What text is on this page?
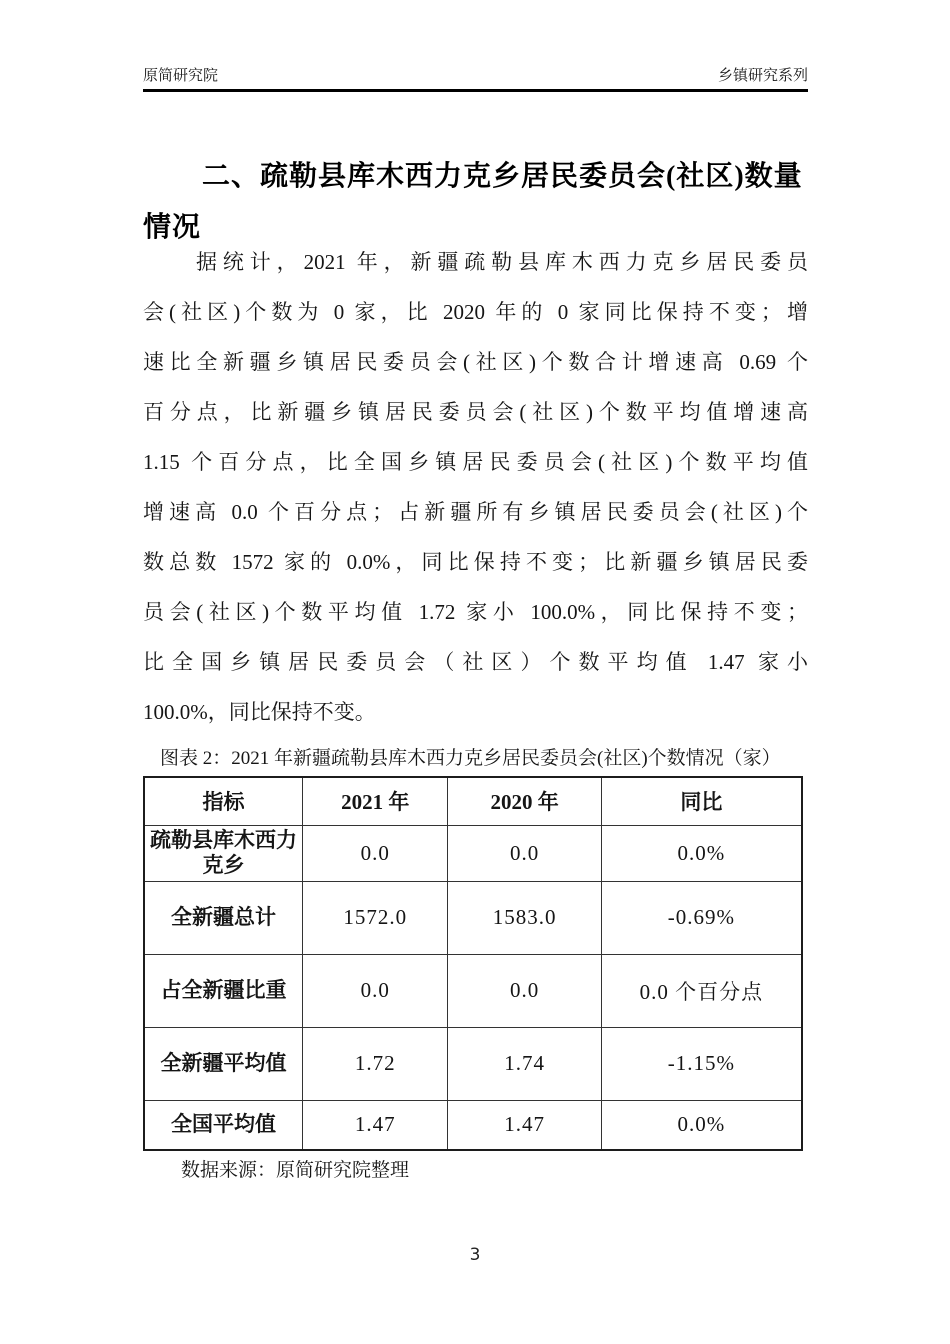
原简研究院	乡镇研究系列
二、疏勒县库木西力克乡居民委员会(社区)数量
情况
据统计，2021 年，新疆疏勒县库木西力克乡居民委员
会(社区)个数为 0 家，比 2020 年的 0 家同比保持不变；增
速比全新疆乡镇居民委员会(社区)个数合计增速高 0.69 个
百分点，比新疆乡镇居民委员会(社区)个数平均值增速高
1.15 个百分点，比全国乡镇居民委员会(社区)个数平均值
增速高 0.0 个百分点；占新疆所有乡镇居民委员会(社区)个
数总数 1572 家的 0.0%，同比保持不变；比新疆乡镇居民委
员会(社区)个数平均值 1.72 家小 100.0%，同比保持不变；
比全国乡镇居民委员会（社区）个数平均值 1.47 家小
100.0%，同比保持不变。
图表 2：2021 年新疆疏勒县库木西力克乡居民委员会(社区)个数情况（家）
指标	2021 年	2020 年	同比
疏勒县库木西力克乡	0.0	0.0	0.0%
全新疆总计	1572.0	1583.0	-0.69%
占全新疆比重	0.0	0.0	0.0 个百分点
全新疆平均值	1.72	1.74	-1.15%
全国平均值	1.47	1.47	0.0%
数据来源：原简研究院整理
3
